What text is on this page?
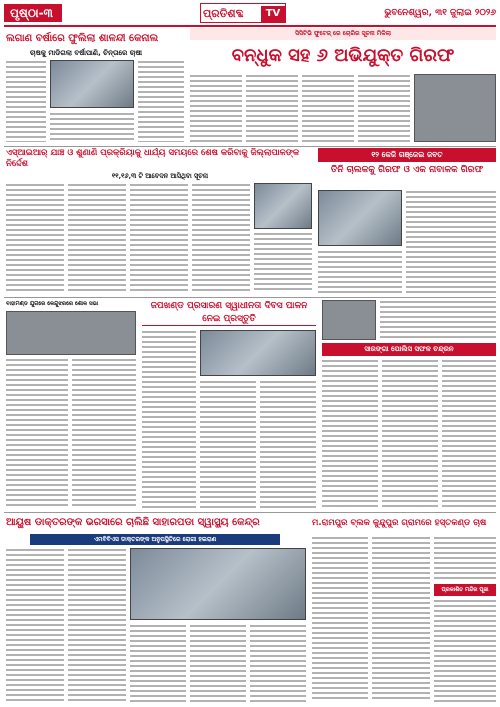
ପୃଷ୍ଠା-୩	ପ୍ରତିଶବ୍ଦ	TV	ଭୁବନେଶ୍ୱର, ୩୧ ଜୁଲାଇ ୨୦୨୬
ଲଗାଣ ବର୍ଷାରେ ଫୁଲିଲା ଶାଳନ୍ଦୀ କେନାଲ
ଚାଷକୁ ମାଡିଗଲା ବର୍ଷାପାଣି, ଚିନ୍ତାରେ ଚାଷୀ
ସିସିଟିଭି ଫୁଟେଜ୍ ରେ ଚୋରିର ସୂଚନା ମିଳିଲା
ବନ୍ଧୁକ ସହ ୬ ଅଭିଯୁକ୍ତ ଗିରଫ
ଏସ୍‌ଆଇଆର୍ ଯାଞ୍ଚ ଓ ଶୁଣାଣି ପ୍ରକ୍ରିୟାକୁ ଧାର୍ଯ୍ୟ ସମୟରେ ଶେଷ କରିବାକୁ ଜିଲ୍ଲାପାଳଙ୍କ ନିର୍ଦ୍ଦେଶ
୧୧,୧୬,୩ ଟି ଆବେଦନ ଆସିଥିବା ସୂଚନା
୧୨ କେଜି ଗଞ୍ଜେଇ ଜବତ
ତିନି ଚାଲକକୁ ଗିରଫ ଓ ଏକ ନାବାଳକ ଗିରଫ
ବାହାମଣ୍ଡ ଯୁଗରେ କେନ୍ଦୁଝରରେ ଶୋକ ସଭା	ଜପଖଣ୍ଡ ପ୍ରସାରଣ ସ୍ୱାଧୀନତା ଦିବସ ପାଳନ ନେଇ ପ୍ରସ୍ତୁତି
ସାରଙ୍ଗା ପୋଲିସ ସଫଳ ଚନ୍ଦ୍ରନ
ଆୟୁଷ ଡାକ୍ତରଙ୍କ ଭରସାରେ ଚାଲିଛି ସାହାରପଡା ସ୍ୱାସ୍ଥ୍ୟ କେନ୍ଦ୍ର
ଏମବିବିଏସ ଡାକ୍ତରଙ୍କ ଅନୁପସ୍ଥିତିରେ ରୋଗୀ ହଇରାଣ
ମ.ରାମପୁର ବ୍ଲକ କୁନ୍ଦୁପୁର ଗ୍ରାମରେ ହସ୍ତକଣ୍ଡ ଚାଷ
ପ୍ରକାଶିତ ମନ୍ଦିର ପୂଜା
